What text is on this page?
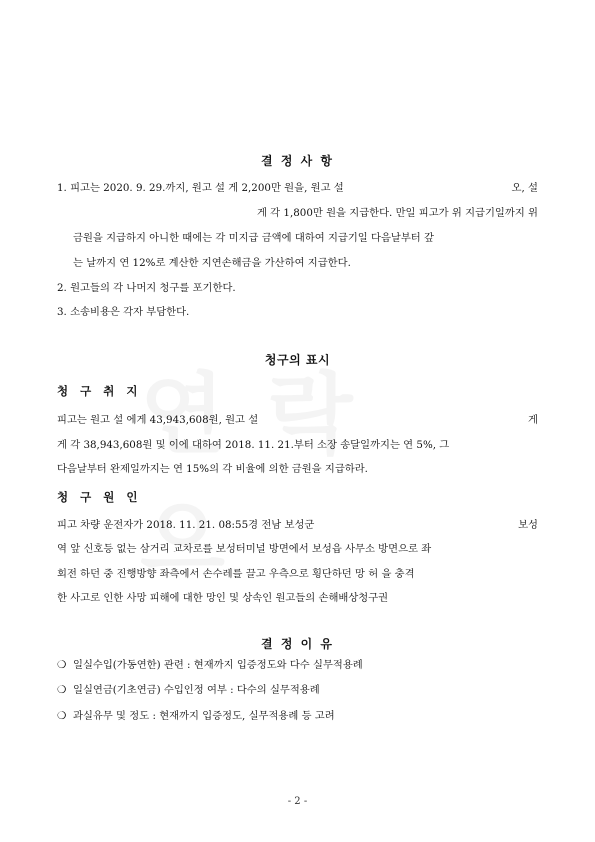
결 정 사 항
1. 피고는 2020. 9. 29.까지, 원고 설 게 2,200만 원을, 원고 설	오, 설
게 각 1,800만 원을 지급한다. 만일 피고가 위 지급기일까지 위
금원을 지급하지 아니한 때에는 각 미지급 금액에 대하여 지급기일 다음날부터 갚
는 날까지 연 12%로 계산한 지연손해금을 가산하여 지급한다.
2. 원고들의 각 나머지 청구를 포기한다.
3. 소송비용은 각자 부담한다.
청구의 표시
청 구 취 지
피고는 원고 설 에게 43,943,608원, 원고 설	게
게 각 38,943,608원 및 이에 대하여 2018. 11. 21.부터 소장 송달일까지는 연 5%, 그
다음날부터 완제일까지는 연 15%의 각 비율에 의한 금원을 지급하라.
청 구 원 인
피고 차량 운전자가 2018. 11. 21. 08:55경 전남 보성군	보성
역 앞 신호등 없는 삼거리 교차로를 보성터미널 방면에서 보성읍 사무소 방면으로 좌
회전 하던 중 진행방향 좌측에서 손수레를 끌고 우측으로 횡단하던 망 허 을 충격
한 사고로 인한 사망 피해에 대한 망인 및 상속인 원고들의 손해배상청구권
결 정 이 유
❍ 일실수입(가동연한) 관련 : 현재까지 입증정도와 다수 실무적용례
❍ 일실연금(기초연금) 수입인정 여부 : 다수의 실무적용례
❍ 과실유무 및 정도 : 현재까지 입증정도, 실무적용례 등 고려
- 2 -
